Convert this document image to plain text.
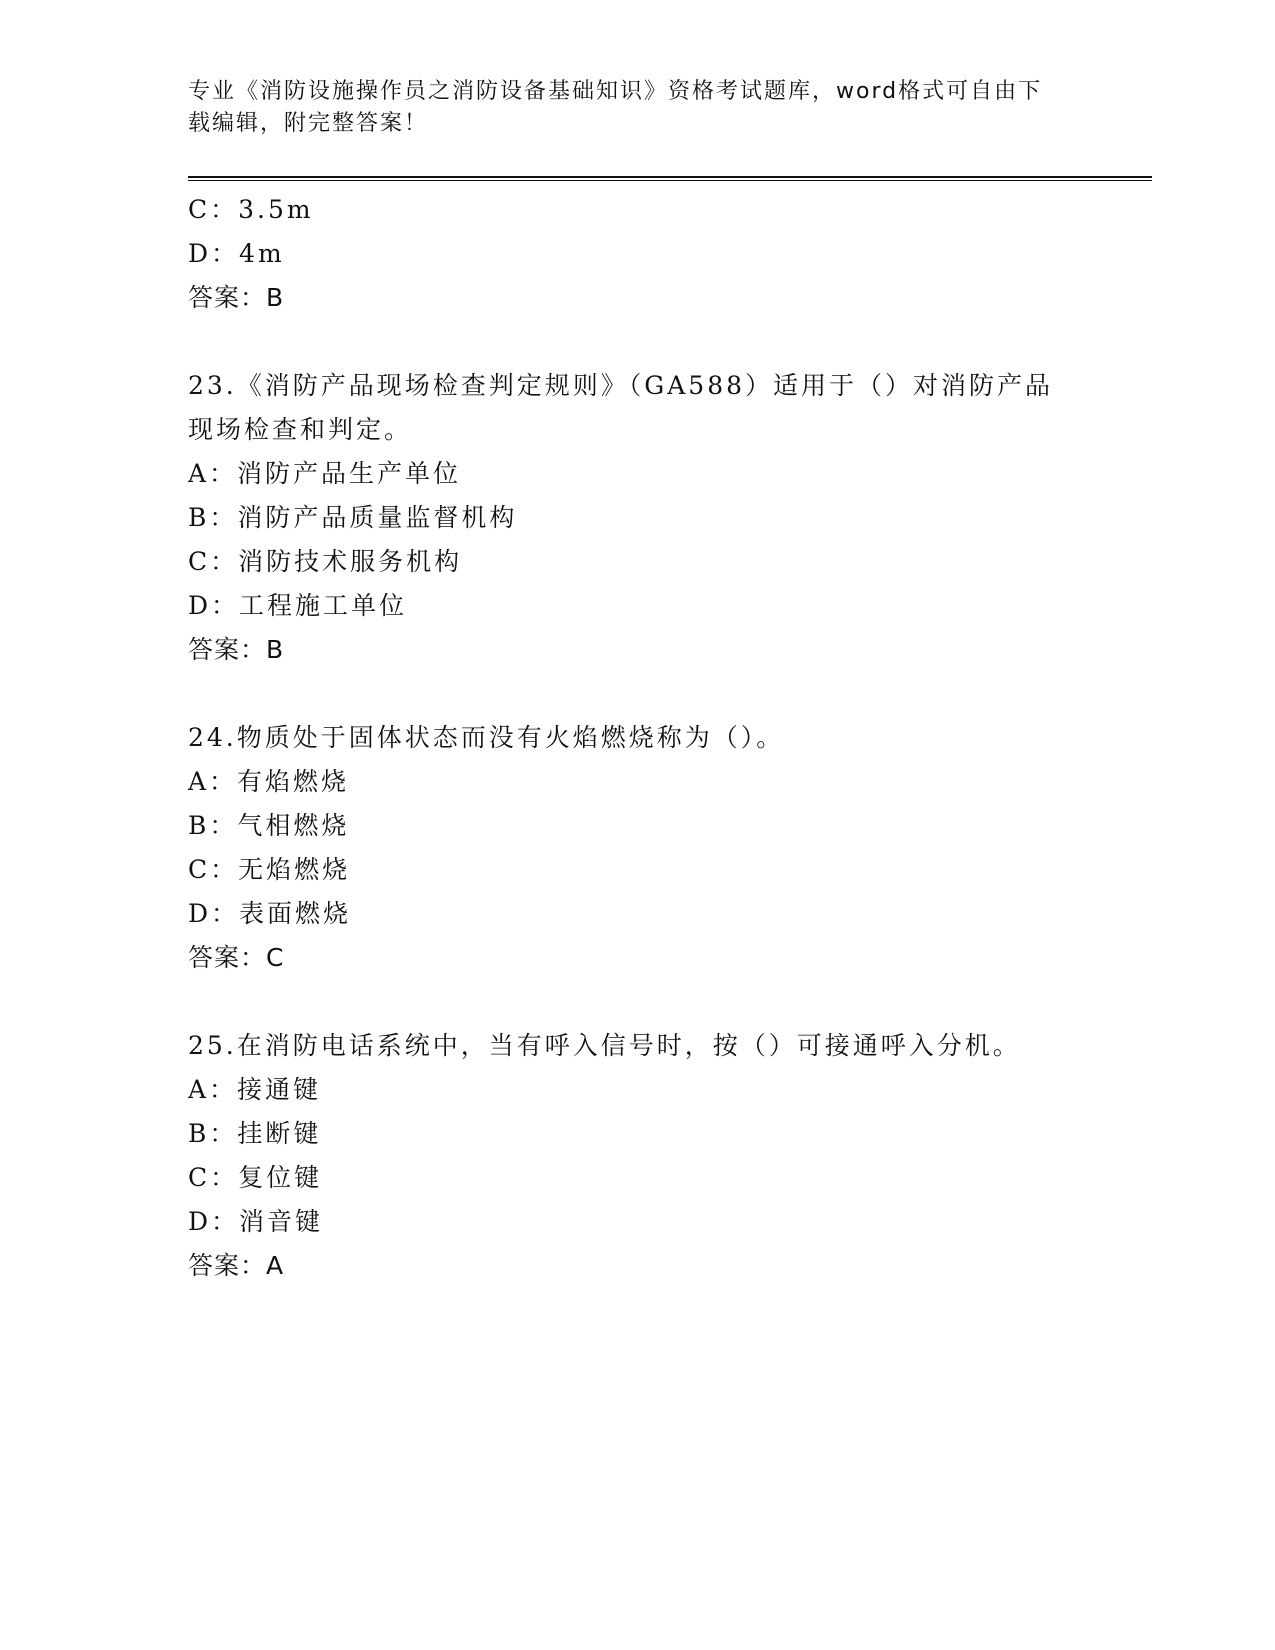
专业《消防设施操作员之消防设备基础知识》资格考试题库，word格式可自由下
载编辑，附完整答案！
C：3.5m
D：4m
答案：B
23.《消防产品现场检查判定规则》（GA588）适用于（）对消防产品
现场检查和判定。
A：消防产品生产单位
B：消防产品质量监督机构
C：消防技术服务机构
D：工程施工单位
答案：B
24.物质处于固体状态而没有火焰燃烧称为（）。
A：有焰燃烧
B：气相燃烧
C：无焰燃烧
D：表面燃烧
答案：C
25.在消防电话系统中，当有呼入信号时，按（）可接通呼入分机。
A：接通键
B：挂断键
C：复位键
D：消音键
答案：A
